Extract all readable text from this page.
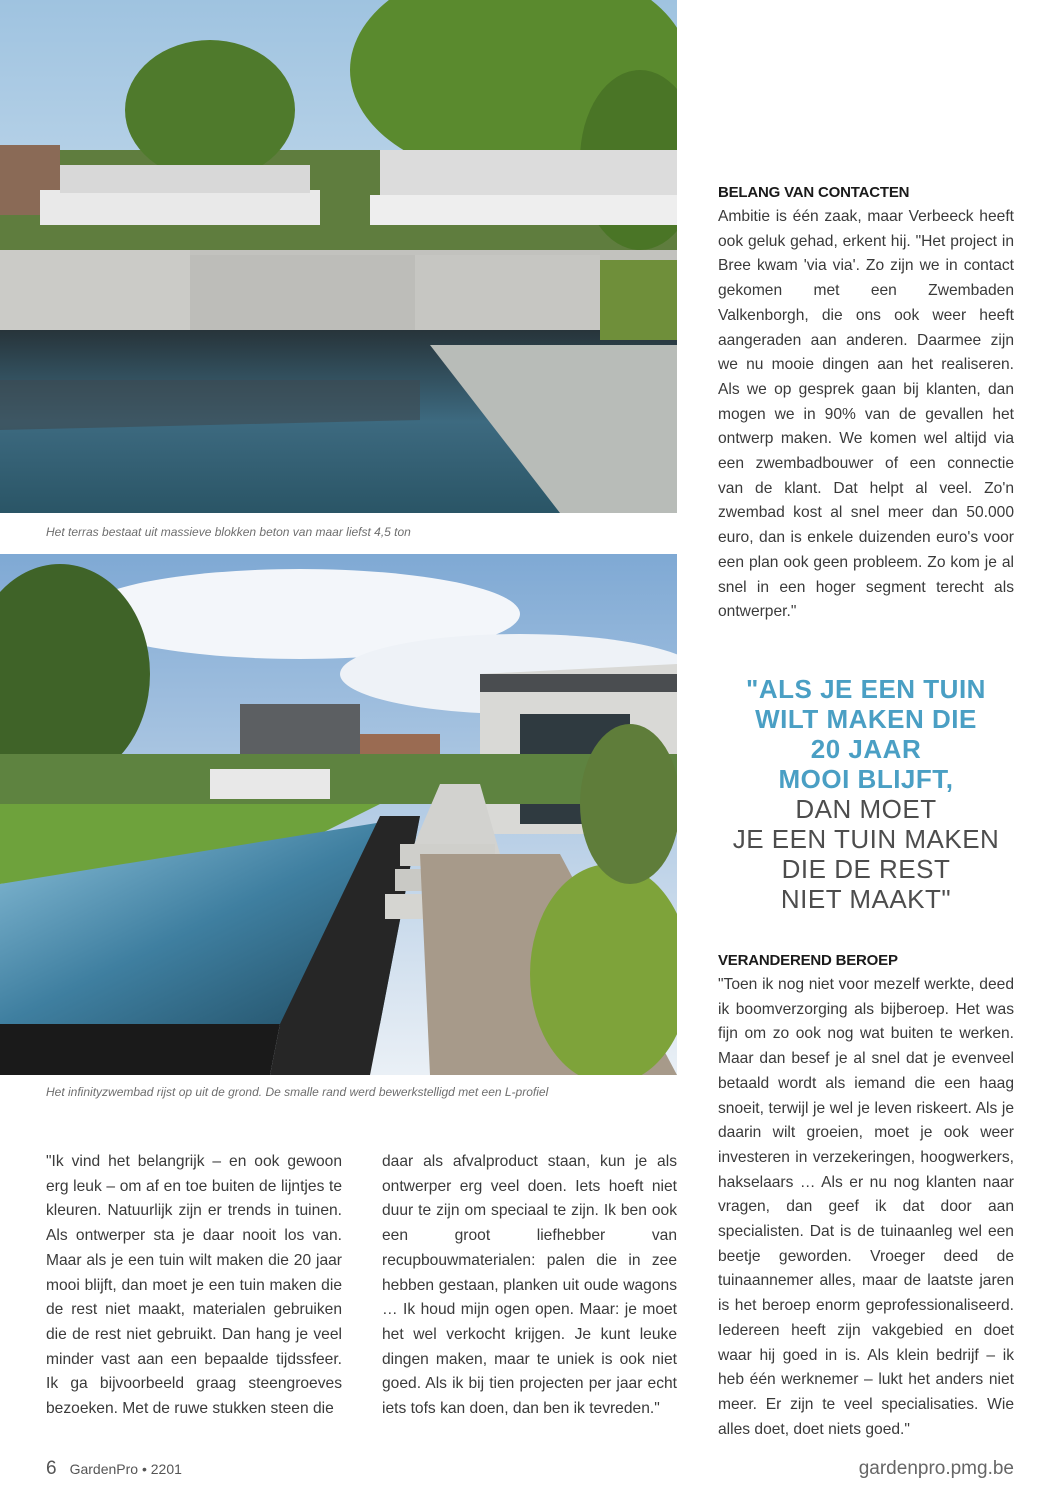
Het terras bestaat uit massieve blokken beton van maar liefst 4,5 ton
Het infinityzwembad rijst op uit de grond. De smalle rand werd bewerkstelligd met een L-profiel

"Ik vind het belangrijk – en ook gewoon erg leuk – om af en toe buiten de lijntjes te kleuren. Natuurlijk zijn er trends in tuinen. Als ontwerper sta je daar nooit los van. Maar als je een tuin wilt maken die 20 jaar mooi blijft, dan moet je een tuin maken die de rest niet maakt, materialen gebruiken die de rest niet gebruikt. Dan hang je veel minder vast aan een bepaalde tijdssfeer. Ik ga bijvoorbeeld graag steengroeves bezoeken. Met de ruwe stukken steen die

daar als afvalproduct staan, kun je als ontwerper erg veel doen. Iets hoeft niet duur te zijn om speciaal te zijn. Ik ben ook een groot liefhebber van recupbouwmaterialen: palen die in zee hebben gestaan, planken uit oude wagons … Ik houd mijn ogen open. Maar: je moet het wel verkocht krijgen. Je kunt leuke dingen maken, maar te uniek is ook niet goed. Als ik bij tien projecten per jaar echt iets tofs kan doen, dan ben ik tevreden."

BELANG VAN CONTACTEN

Ambitie is één zaak, maar Verbeeck heeft ook geluk gehad, erkent hij. "Het project in Bree kwam 'via via'. Zo zijn we in contact gekomen met een Zwembaden Valkenborgh, die ons ook weer heeft aangeraden aan anderen. Daarmee zijn we nu mooie dingen aan het realiseren. Als we op gesprek gaan bij klanten, dan mogen we in 90% van de gevallen het ontwerp maken. We komen wel altijd via een zwembadbouwer of een connectie van de klant. Dat helpt al veel. Zo'n zwembad kost al snel meer dan 50.000 euro, dan is enkele duizenden euro's voor een plan ook geen probleem. Zo kom je al snel in een hoger segment terecht als ontwerper."

"ALS JE EEN TUIN
WILT MAKEN DIE
20 JAAR
MOOI BLIJFT,
DAN MOET
JE EEN TUIN MAKEN
DIE DE REST
NIET MAAKT"
VERANDEREND BEROEP

"Toen ik nog niet voor mezelf werkte, deed ik boomverzorging als bijberoep. Het was fijn om zo ook nog wat buiten te werken. Maar dan besef je al snel dat je evenveel betaald wordt als iemand die een haag snoeit, terwijl je wel je leven riskeert. Als je daarin wilt groeien, moet je ook weer investeren in verzekeringen, hoogwerkers, hakselaars … Als er nu nog klanten naar vragen, dan geef ik dat door aan specialisten. Dat is de tuinaanleg wel een beetje geworden. Vroeger deed de tuinaannemer alles, maar de laatste jaren is het beroep enorm geprofessionaliseerd. Iedereen heeft zijn vakgebied en doet waar hij goed in is. Als klein bedrijf – ik heb één werknemer – lukt het anders niet meer. Er zijn te veel specialisaties. Wie alles doet, doet niets goed."

6 GardenPro • 2201	gardenpro.pmg.be
